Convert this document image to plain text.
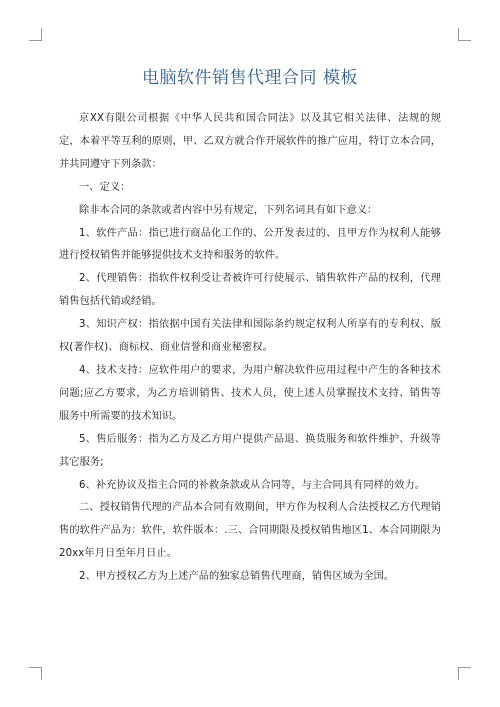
电脑软件销售代理合同 模板

京XX有限公司根据《中华人民共和国合同法》以及其它相关法律、法规的规定，本着平等互利的原则，甲、乙双方就合作开展软件的推广应用，特订立本合同，并共同遵守下列条款：

一、定义：

除非本合同的条款或者内容中另有规定，下列名词具有如下意义：

1、软件产品：指已进行商品化工作的、公开发表过的、且甲方作为权利人能够进行授权销售并能够提供技术支持和服务的软件。

2、代理销售：指软件权利受让者被许可行使展示、销售软件产品的权利，代理销售包括代销或经销。

3、知识产权：指依据中国有关法律和国际条约规定权利人所享有的专利权、版权(著作权)、商标权、商业信誉和商业秘密权。

4、技术支持：应软件用户的要求，为用户解决软件应用过程中产生的各种技术问题;应乙方要求，为乙方培训销售、技术人员，使上述人员掌握技术支持、销售等服务中所需要的技术知识。

5、售后服务：指为乙方及乙方用户提供产品退、换货服务和软件维护、升级等其它服务;

6、补充协议及指主合同的补救条款或从合同等，与主合同具有同样的效力。

二、授权销售代理的产品本合同有效期间，甲方作为权利人合法授权乙方代理销售的软件产品为：软件，软件版本：.三、合同期限及授权销售地区1、本合同期限为20xx年月日至年月日止。

2、甲方授权乙方为上述产品的独家总销售代理商，销售区域为全国。
